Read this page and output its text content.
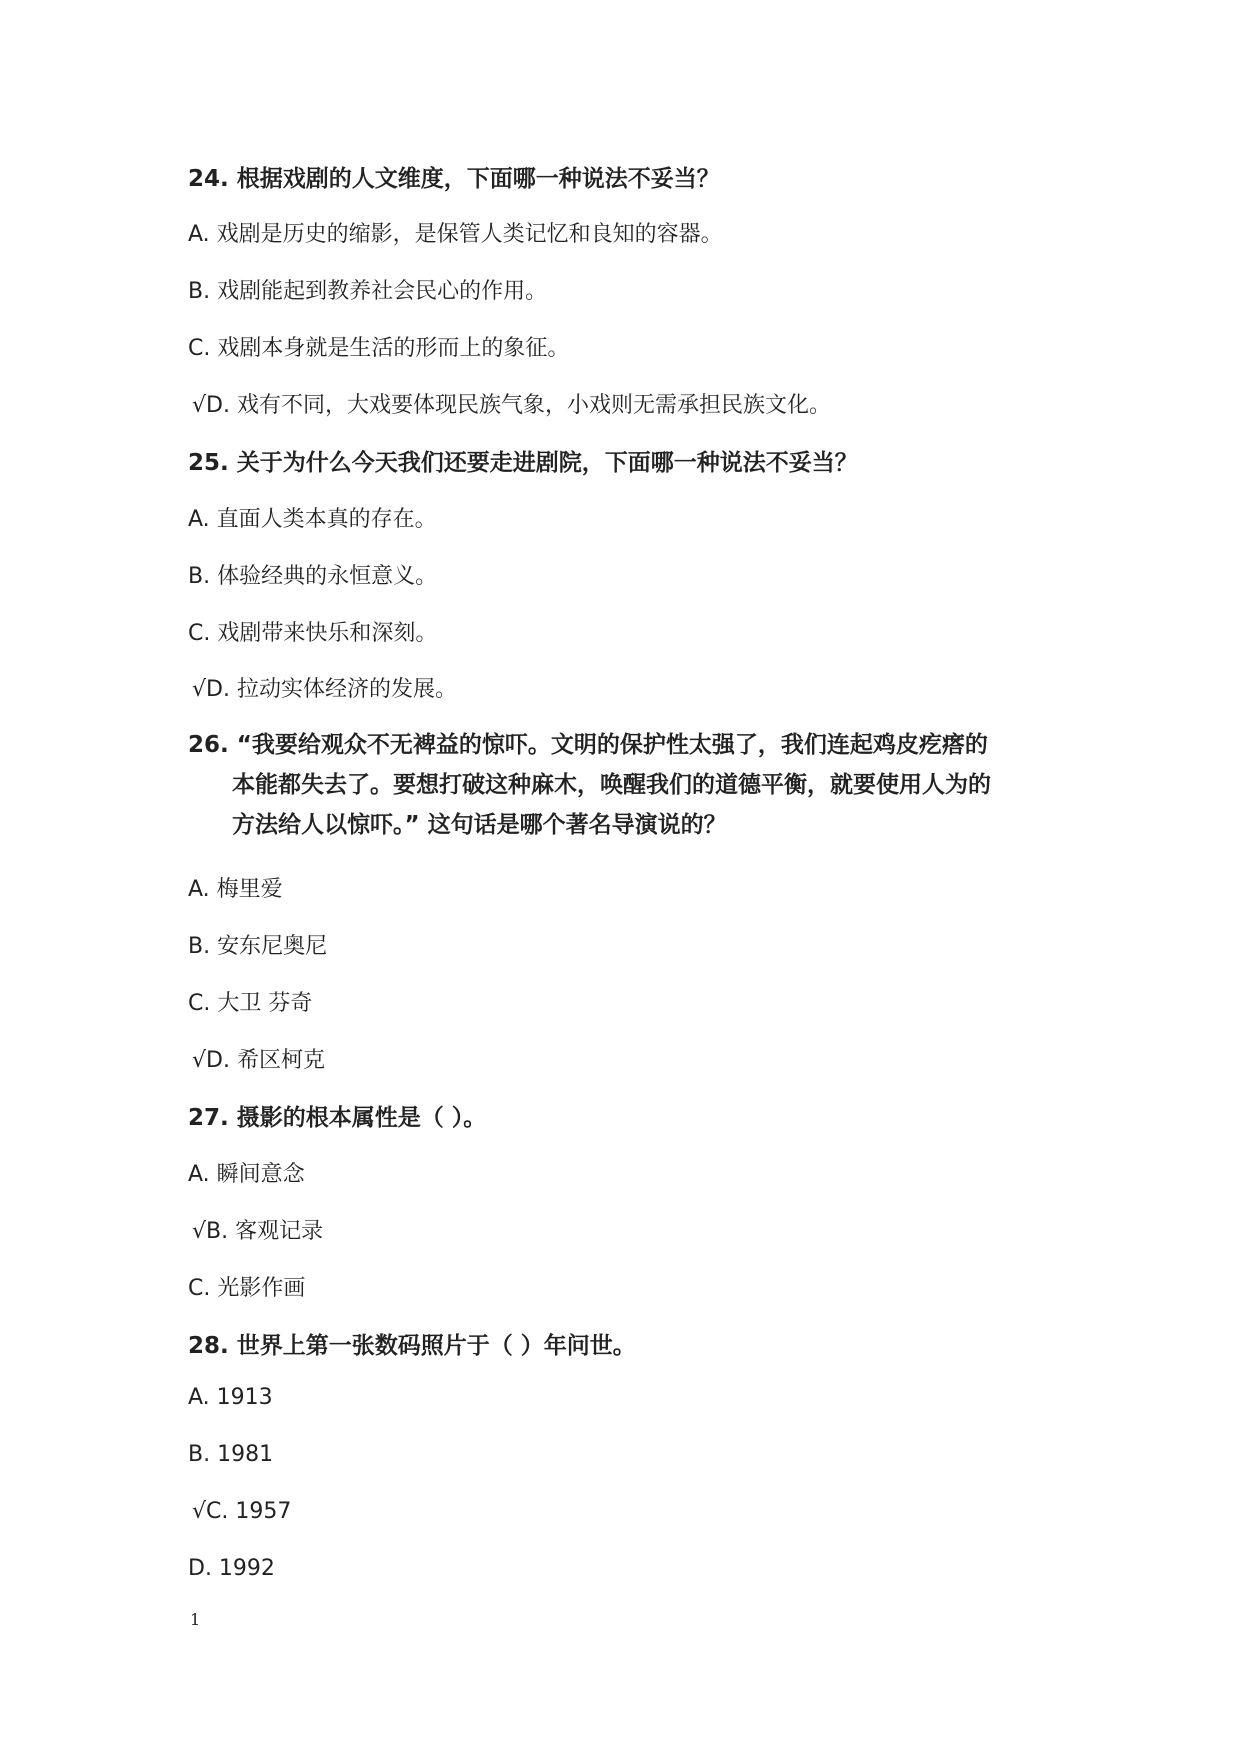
24. 根据戏剧的人文维度，下面哪一种说法不妥当？
A. 戏剧是历史的缩影，是保管人类记忆和良知的容器。
B. 戏剧能起到教养社会民心的作用。
C. 戏剧本身就是生活的形而上的象征。
√D. 戏有不同，大戏要体现民族气象，小戏则无需承担民族文化。
25. 关于为什么今天我们还要走进剧院，下面哪一种说法不妥当？
A. 直面人类本真的存在。
B. 体验经典的永恒意义。
C. 戏剧带来快乐和深刻。
√D. 拉动实体经济的发展。
26. “我要给观众不无裨益的惊吓。文明的保护性太强了，我们连起鸡皮疙瘩的
本能都失去了。要想打破这种麻木，唤醒我们的道德平衡，就要使用人为的
方法给人以惊吓。” 这句话是哪个著名导演说的？
A. 梅里爱
B. 安东尼奥尼
C. 大卫 芬奇
√D. 希区柯克
27. 摄影的根本属性是（ ）。
A. 瞬间意念
√B. 客观记录
C. 光影作画
28. 世界上第一张数码照片于（ ）年问世。
A. 1913
B. 1981
√C. 1957
D. 1992
1
